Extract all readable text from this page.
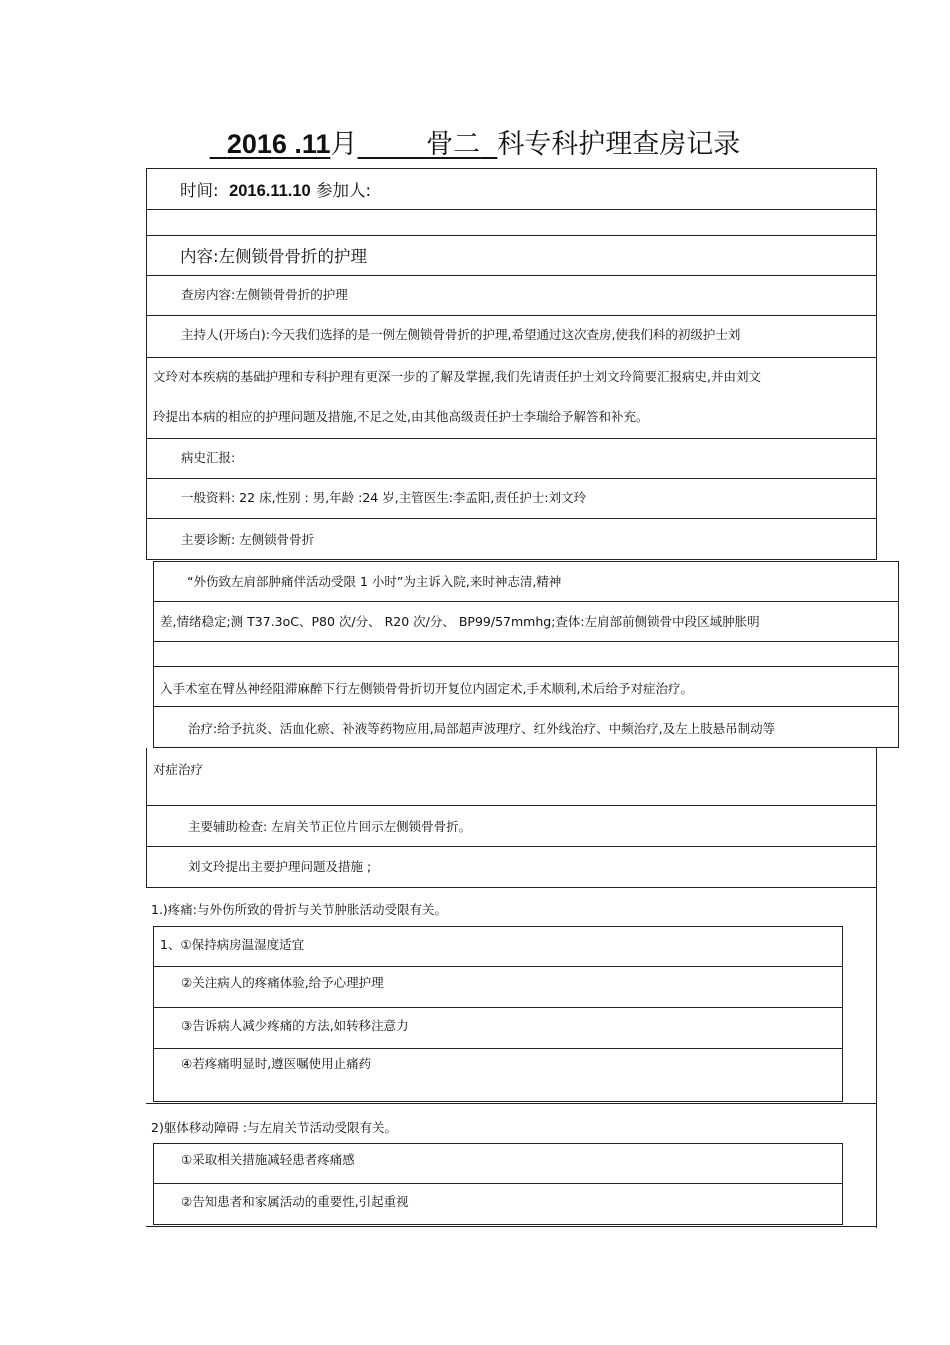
2016 .11月	骨二 科专科护理查房记录
时间: 2016.11.10 参加人:
内容:左侧锁骨骨折的护理
查房内容:左侧锁骨骨折的护理
主持人(开场白):今天我们选择的是一例左侧锁骨骨折的护理,希望通过这次查房,使我们科的初级护士刘
文玲对本疾病的基础护理和专科护理有更深一步的了解及掌握,我们先请责任护士刘文玲简要汇报病史,并由刘文
玲提出本病的相应的护理问题及措施,不足之处,由其他高级责任护士李瑞给予解答和补充。
病史汇报:
一般资料: 22 床,性别 : 男,年龄 :24 岁,主管医生:李孟阳,责任护士:刘文玲
主要诊断: 左侧锁骨骨折
“外伤致左肩部肿痛伴活动受限 1 小时”为主诉入院,来时神志清,精神
差,情绪稳定;测 T37.3oC、P80 次/分、 R20 次/分、 BP99/57mmhg;查体:左肩部前侧锁骨中段区域肿胀明
入手术室在臂丛神经阻滞麻醉下行左侧锁骨骨折切开复位内固定术,手术顺利,术后给予对症治疗。
治疗:给予抗炎、活血化瘀、补液等药物应用,局部超声波理疗、红外线治疗、中频治疗,及左上肢悬吊制动等
对症治疗
主要辅助检查: 左肩关节正位片回示左侧锁骨骨折。
刘文玲提出主要护理问题及措施 ;
1.)疼痛:与外伤所致的骨折与关节肿胀活动受限有关。
1、①保持病房温湿度适宜
②关注病人的疼痛体验,给予心理护理
③告诉病人减少疼痛的方法,如转移注意力
④若疼痛明显时,遵医嘱使用止痛药
2)躯体移动障碍 :与左肩关节活动受限有关。
①采取相关措施减轻患者疼痛感
②告知患者和家属活动的重要性,引起重视
